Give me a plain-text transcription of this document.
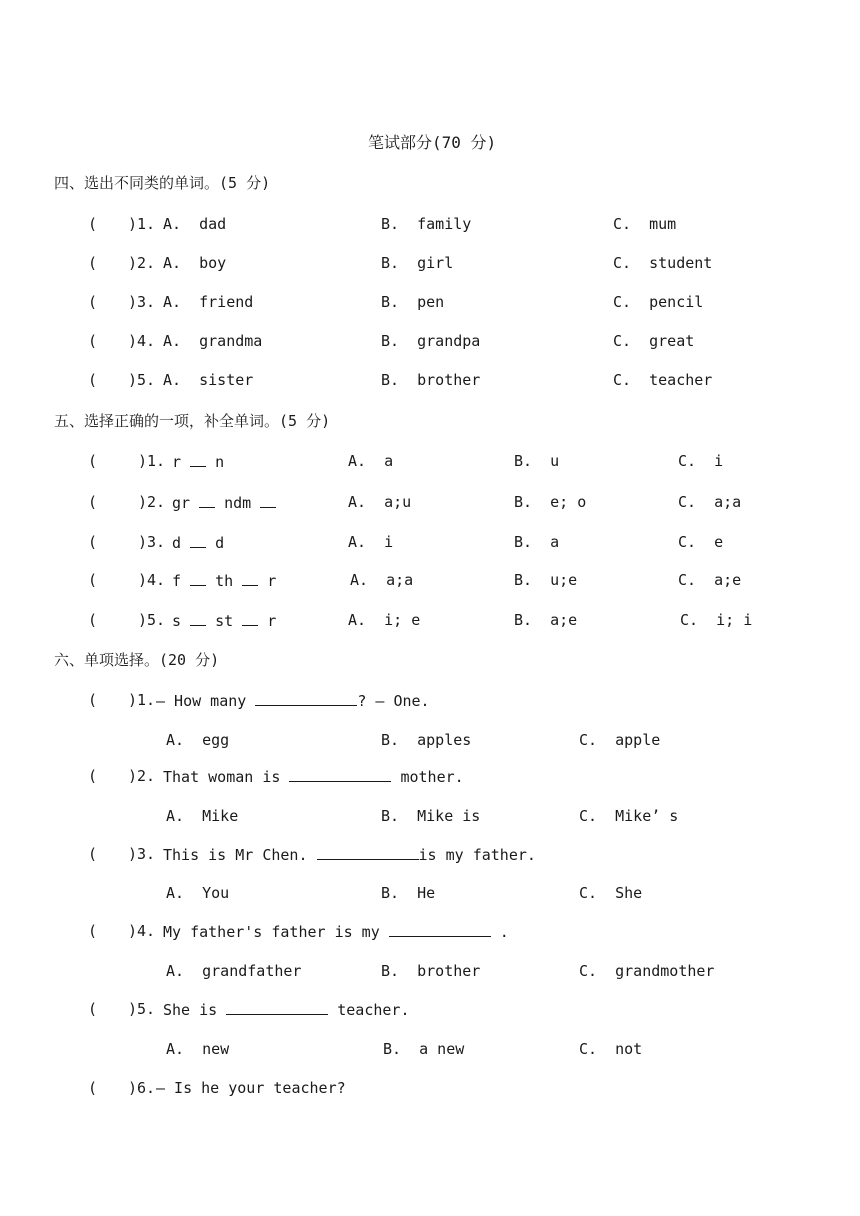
笔试部分(70 分)
四、选出不同类的单词。(5 分)
( )1. A.  dad	B.  family	C.  mum
( )2. A.  boy	B.  girl	C.  student
( )3. A.  friend	B.  pen	C.  pencil
( )4. A.  grandma	B.  grandpa	C.  great
( )5. A.  sister	B.  brother	C.  teacher
五、选择正确的一项，补全单词。(5 分)
(	)1. r n	A.  a	B.  u	C.  i
(	)2. gr ndm	A.  a;u	B.  e; o	C.  a;a
(	)3. d d	A.  i	B.  a	C.  e
(	)4. f th r	A.  a;a	B.  u;e	C.  a;e
(	)5. s st r	A.  i; e	B.  a;e	C.  i; i
六、单项选择。(20 分)
( )1. — How many	? — One.
A.  egg	B.  apples	C.  apple
( )2. That woman is	mother.
A.  Mike	B.  Mike is	C.  Mike’ s
( )3. This is Mr Chen.	is my father.
A.  You	B.  He	C.  She
( )4. My father's father is my	.
A.  grandfather	B.  brother	C.  grandmother
( )5. She is	teacher.
A.  new	B.  a new	C.  not
( )6. — Is he your teacher?
